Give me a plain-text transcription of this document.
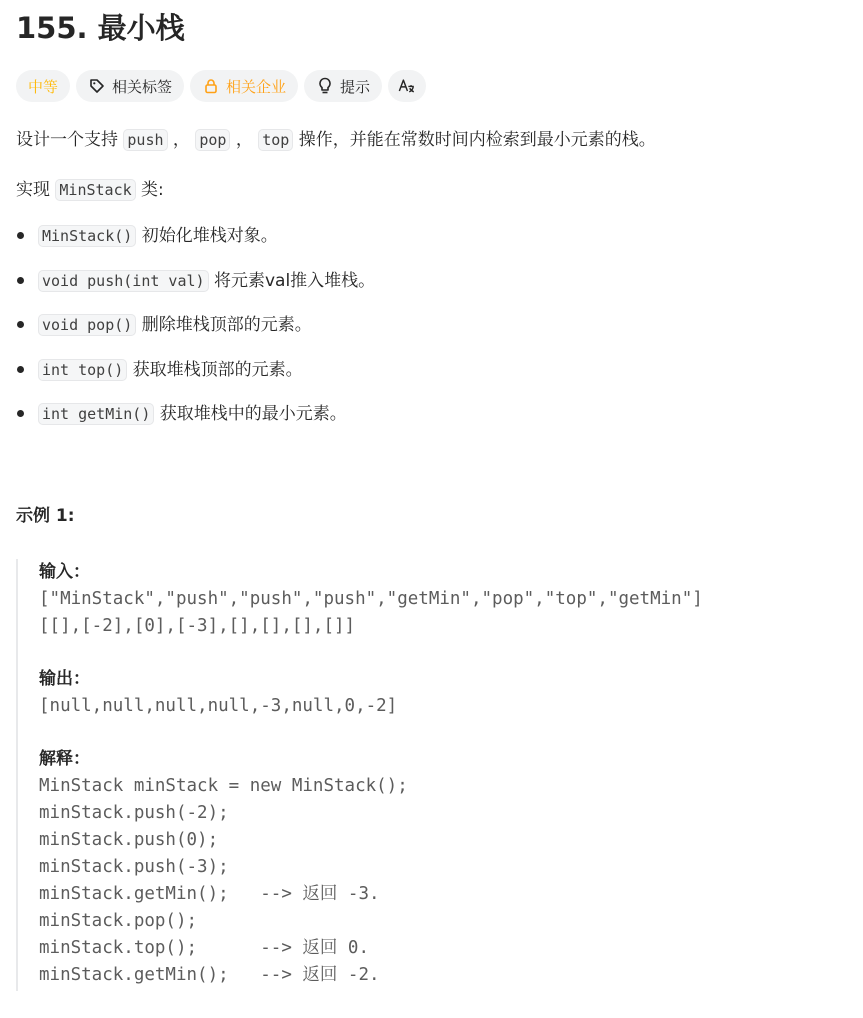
155. 最小栈
中等	相关标签	相关企业	提示
设计一个支持 push ， pop ， top 操作，并能在常数时间内检索到最小元素的栈。
实现 MinStack 类:
MinStack() 初始化堆栈对象。
void push(int val) 将元素val推入堆栈。
void pop() 删除堆栈顶部的元素。
int top() 获取堆栈顶部的元素。
int getMin() 获取堆栈中的最小元素。
示例 1:
输入：
["MinStack","push","push","push","getMin","pop","top","getMin"]
[[],[-2],[0],[-3],[],[],[],[]]
输出：
[null,null,null,null,-3,null,0,-2]
解释：
MinStack minStack = new MinStack();
minStack.push(-2);
minStack.push(0);
minStack.push(-3);
minStack.getMin();   --> 返回 -3.
minStack.pop();
minStack.top();      --> 返回 0.
minStack.getMin();   --> 返回 -2.
